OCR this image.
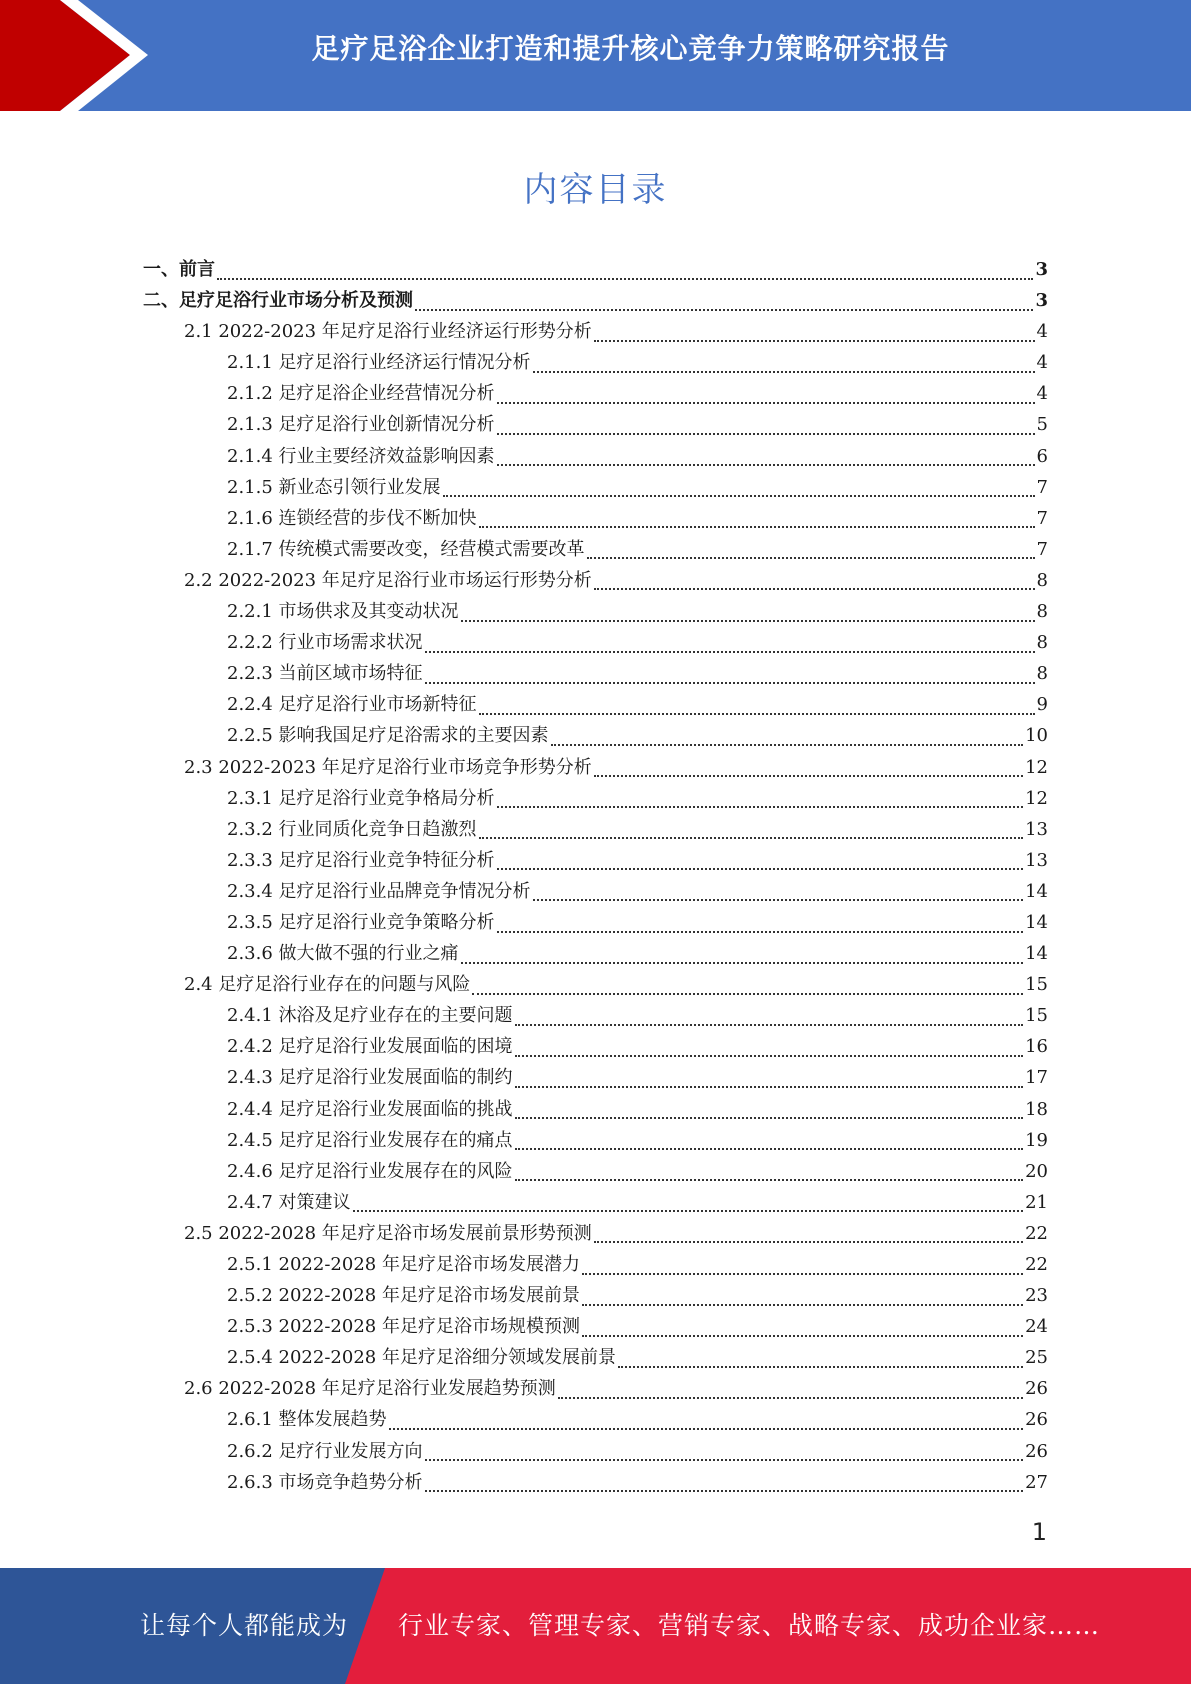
足疗足浴企业打造和提升核心竞争力策略研究报告
内容目录
一、前言	3
二、足疗足浴行业市场分析及预测	3
2.1 2022-2023 年足疗足浴行业经济运行形势分析	4
2.1.1 足疗足浴行业经济运行情况分析	4
2.1.2 足疗足浴企业经营情况分析	4
2.1.3 足疗足浴行业创新情况分析	5
2.1.4 行业主要经济效益影响因素	6
2.1.5 新业态引领行业发展	7
2.1.6 连锁经营的步伐不断加快	7
2.1.7 传统模式需要改变，经营模式需要改革	7
2.2 2022-2023 年足疗足浴行业市场运行形势分析	8
2.2.1 市场供求及其变动状况	8
2.2.2 行业市场需求状况	8
2.2.3 当前区域市场特征	8
2.2.4 足疗足浴行业市场新特征	9
2.2.5 影响我国足疗足浴需求的主要因素	10
2.3 2022-2023 年足疗足浴行业市场竞争形势分析	12
2.3.1 足疗足浴行业竞争格局分析	12
2.3.2 行业同质化竞争日趋激烈	13
2.3.3 足疗足浴行业竞争特征分析	13
2.3.4 足疗足浴行业品牌竞争情况分析	14
2.3.5 足疗足浴行业竞争策略分析	14
2.3.6 做大做不强的行业之痛	14
2.4 足疗足浴行业存在的问题与风险	15
2.4.1 沐浴及足疗业存在的主要问题	15
2.4.2 足疗足浴行业发展面临的困境	16
2.4.3 足疗足浴行业发展面临的制约	17
2.4.4 足疗足浴行业发展面临的挑战	18
2.4.5 足疗足浴行业发展存在的痛点	19
2.4.6 足疗足浴行业发展存在的风险	20
2.4.7 对策建议	21
2.5 2022-2028 年足疗足浴市场发展前景形势预测	22
2.5.1 2022-2028 年足疗足浴市场发展潜力	22
2.5.2 2022-2028 年足疗足浴市场发展前景	23
2.5.3 2022-2028 年足疗足浴市场规模预测	24
2.5.4 2022-2028 年足疗足浴细分领域发展前景	25
2.6 2022-2028 年足疗足浴行业发展趋势预测	26
2.6.1 整体发展趋势	26
2.6.2 足疗行业发展方向	26
2.6.3 市场竞争趋势分析	27
1
让每个人都能成为 行业专家、管理专家、营销专家、战略专家、成功企业家……
